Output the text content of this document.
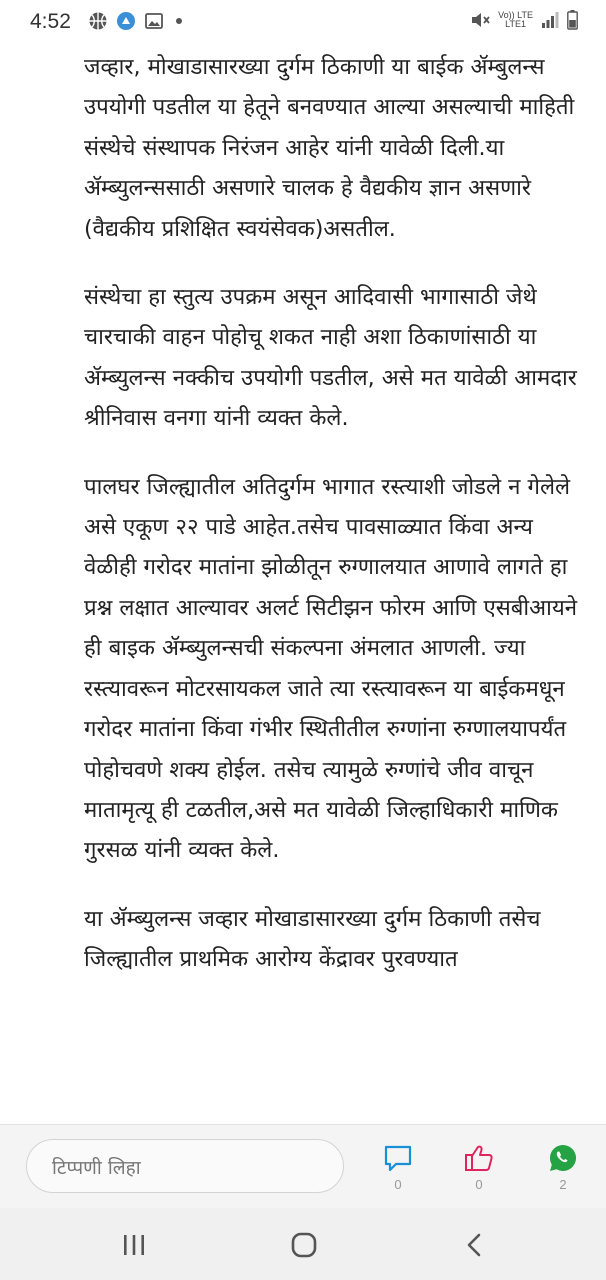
4:52	Vo)) LTE
LTE1

जव्हार, मोखाडासारख्या दुर्गम ठिकाणी या बाईक ॲम्बुलन्स उपयोगी पडतील या हेतूने बनवण्यात आल्या असल्याची माहिती संस्थेचे संस्थापक निरंजन आहेर यांनी यावेळी दिली.या ॲम्ब्युलन्ससाठी असणारे चालक हे वैद्यकीय ज्ञान असणारे (वैद्यकीय प्रशिक्षित स्वयंसेवक)असतील.

संस्थेचा हा स्तुत्य उपक्रम असून आदिवासी भागासाठी जेथे चारचाकी वाहन पोहोचू शकत नाही अशा ठिकाणांसाठी या ॲम्ब्युलन्स नक्कीच उपयोगी पडतील, असे मत यावेळी आमदार श्रीनिवास वनगा यांनी व्यक्त केले.

पालघर जिल्ह्यातील अतिदुर्गम भागात रस्त्याशी जोडले न गेलेले असे एकूण २२ पाडे आहेत.तसेच पावसाळ्यात किंवा अन्य वेळीही गरोदर मातांना झोळीतून रुग्णालयात आणावे लागते हा प्रश्न लक्षात आल्यावर अलर्ट सिटीझन फोरम आणि एसबीआयने ही बाइक ॲम्ब्युलन्सची संकल्पना अंमलात आणली. ज्या रस्त्यावरून मोटरसायकल जाते त्या रस्त्यावरून या बाईकमधून गरोदर मातांना किंवा गंभीर स्थितीतील रुग्णांना रुग्णालयापर्यंत पोहोचवणे शक्य होईल. तसेच त्यामुळे रुग्णांचे जीव वाचून मातामृत्यू ही टळतील,असे मत यावेळी जिल्हाधिकारी माणिक गुरसळ यांनी व्यक्त केले.

या ॲम्ब्युलन्स जव्हार मोखाडासारख्या दुर्गम ठिकाणी तसेच जिल्ह्यातील प्राथमिक आरोग्य केंद्रावर पुरवण्यात

टिप्पणी लिहा
0	0	2
